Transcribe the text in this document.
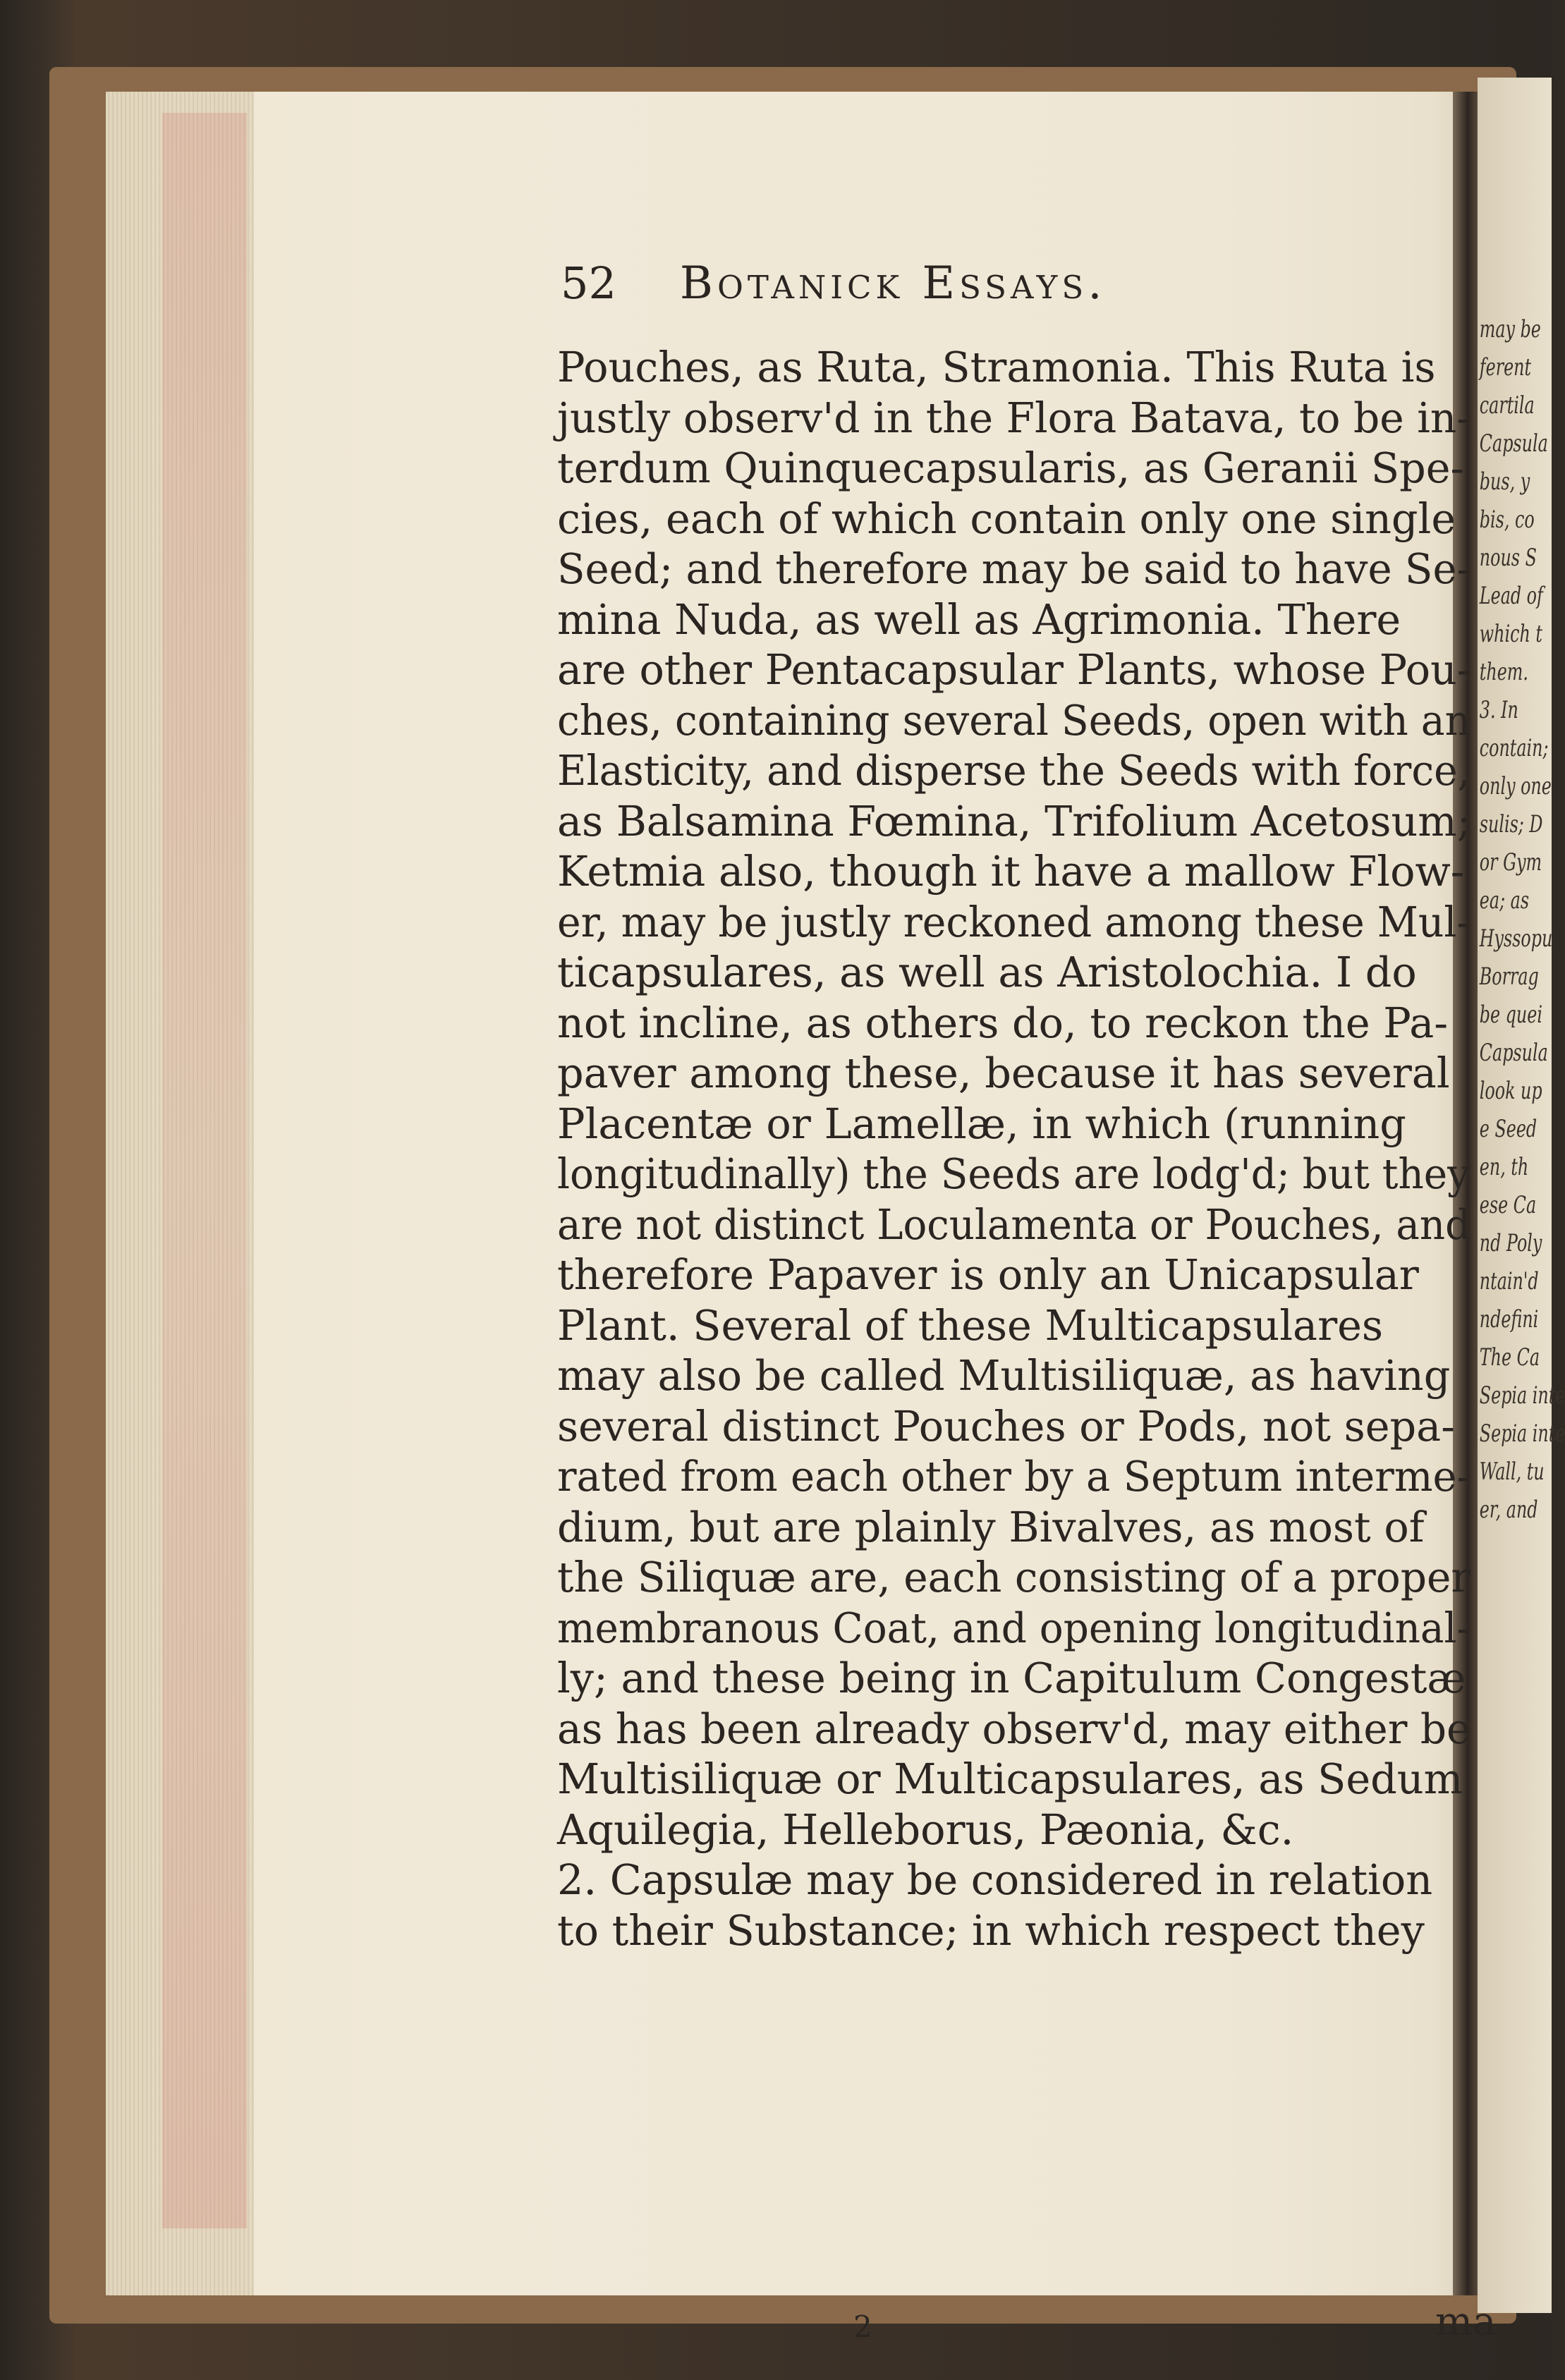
may be
ferent
cartila
Capsula
bus, y
bis, co
nous S
Lead of
which t
them.
3. In
contain;
only one
sulis; D
or Gym
ea; as
Hyssopu
Borrag
be quei
Capsula
look up
e Seed
en, th
ese Ca
nd Poly
ntain'd
ndefini
The Ca
Sepia inte
Sepia inte
Wall, tu
er, and
52 Botanick Essays.
Pouches, as Ruta, Stramonia. This Ruta is
justly observ'd in the Flora Batava, to be in-
terdum Quinquecapsularis, as Geranii Spe-
cies, each of which contain only one single
Seed; and therefore may be said to have Se-
mina Nuda, as well as Agrimonia. There
are other Pentacapsular Plants, whose Pou-
ches, containing several Seeds, open with an
Elasticity, and disperse the Seeds with force,
as Balsamina Fœmina, Trifolium Acetosum;
Ketmia also, though it have a mallow Flow-
er, may be justly reckoned among these Mul-
ticapsulares, as well as Aristolochia. I do
not incline, as others do, to reckon the Pa-
paver among these, because it has several
Placentæ or Lamellæ, in which (running
longitudinally) the Seeds are lodg'd; but they
are not distinct Loculamenta or Pouches, and
therefore Papaver is only an Unicapsular
Plant. Several of these Multicapsulares
may also be called Multisiliquæ, as having
several distinct Pouches or Pods, not sepa-
rated from each other by a Septum interme-
dium, but are plainly Bivalves, as most of
the Siliquæ are, each consisting of a proper
membranous Coat, and opening longitudinal-
ly; and these being in Capitulum Congestæ
as has been already observ'd, may either be
Multisiliquæ or Multicapsulares, as Sedum
Aquilegia, Helleborus, Pæonia, &c.
2. Capsulæ may be considered in relation
to their Substance; in which respect they
2	ma
